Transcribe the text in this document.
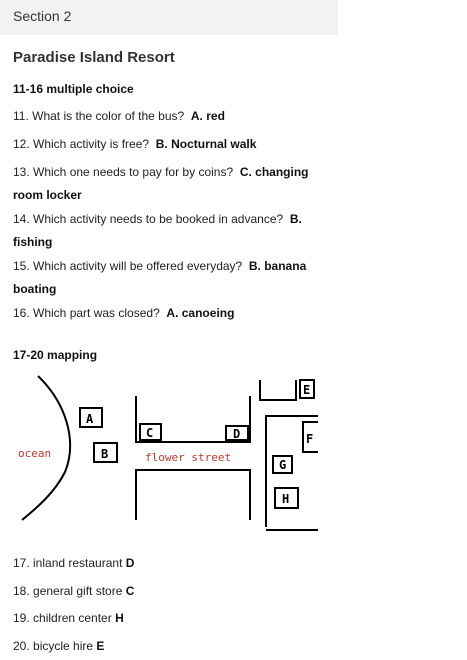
Section 2
Paradise Island Resort
11-16 multiple choice
11. What is the color of the bus? A. red
12. Which activity is free? B. Nocturnal walk
13. Which one needs to pay for by coins? C. changing room locker
14. Which activity needs to be booked in advance? B. fishing
15. Which activity will be offered everyday? B. banana boating
16. Which part was closed? A. canoeing
17-20 mapping
A
B
C	D
E
F
G
H
ocean	flower street
17. inland restaurant D
18. general gift store C
19. children center H
20. bicycle hire E
